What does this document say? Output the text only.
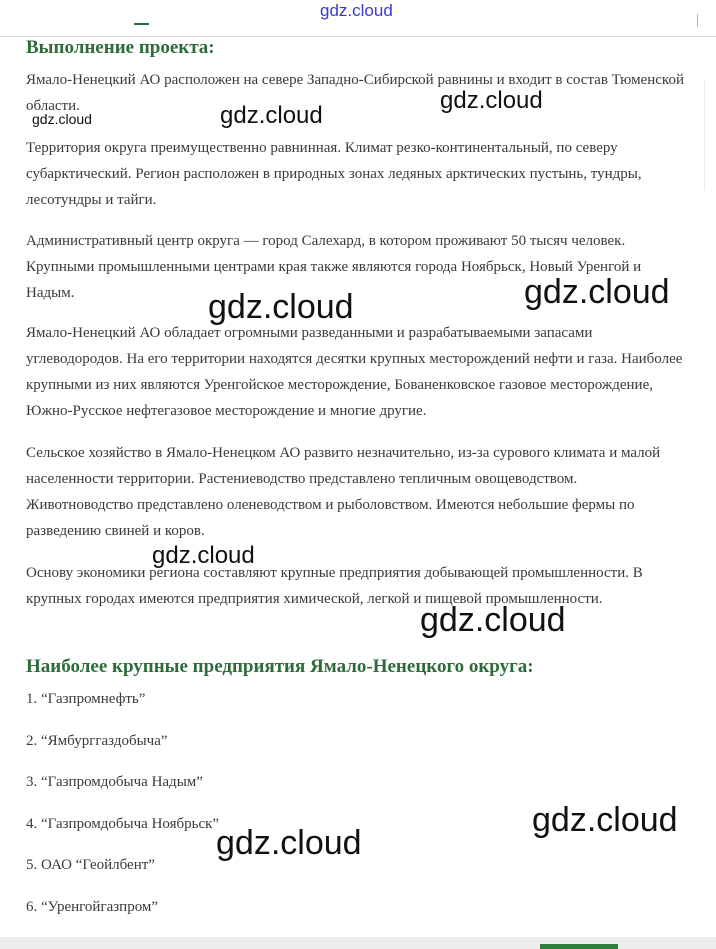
Выполнение проекта:

Ямало-Ненецкий АО расположен на севере Западно-Сибирской равнины и входит в состав Тюменской области.

Территория округа преимущественно равнинная. Климат резко-континентальный, по северу субарктический. Регион расположен в природных зонах ледяных арктических пустынь, тундры, лесотундры и тайги.

Административный центр округа — город Салехард, в котором проживают 50 тысяч человек. Крупными промышленными центрами края также являются города Ноябрьск, Новый Уренгой и Надым.

Ямало-Ненецкий АО обладает огромными разведанными и разрабатываемыми запасами углеводородов. На его территории находятся десятки крупных месторождений нефти и газа. Наиболее крупными из них являются Уренгойское месторождение, Бованенковское газовое месторождение, Южно-Русское нефтегазовое месторождение и многие другие.

Сельское хозяйство в Ямало-Ненецком АО развито незначительно, из-за сурового климата и малой населенности территории. Растениеводство представлено тепличным овощеводством. Животноводство представлено оленеводством и рыболовством. Имеются небольшие фермы по разведению свиней и коров.

Основу экономики региона составляют крупные предприятия добывающей промышленности. В крупных городах имеются предприятия химической, легкой и пищевой промышленности.

Наиболее крупные предприятия Ямало-Ненецкого округа:

1. “Газпромнефть”

2. “Ямбурггаздобыча”

3. “Газпромдобыча Надым”

4. “Газпромдобыча Ноябрьск”

5. ОАО “Геойлбент”

6. “Уренгойгазпром”

gdz.cloud
gdz.cloud	gdz.cloud
gdz.cloud
gdz.cloud	gdz.cloud
gdz.cloud
gdz.cloud
gdz.cloud
gdz.cloud
